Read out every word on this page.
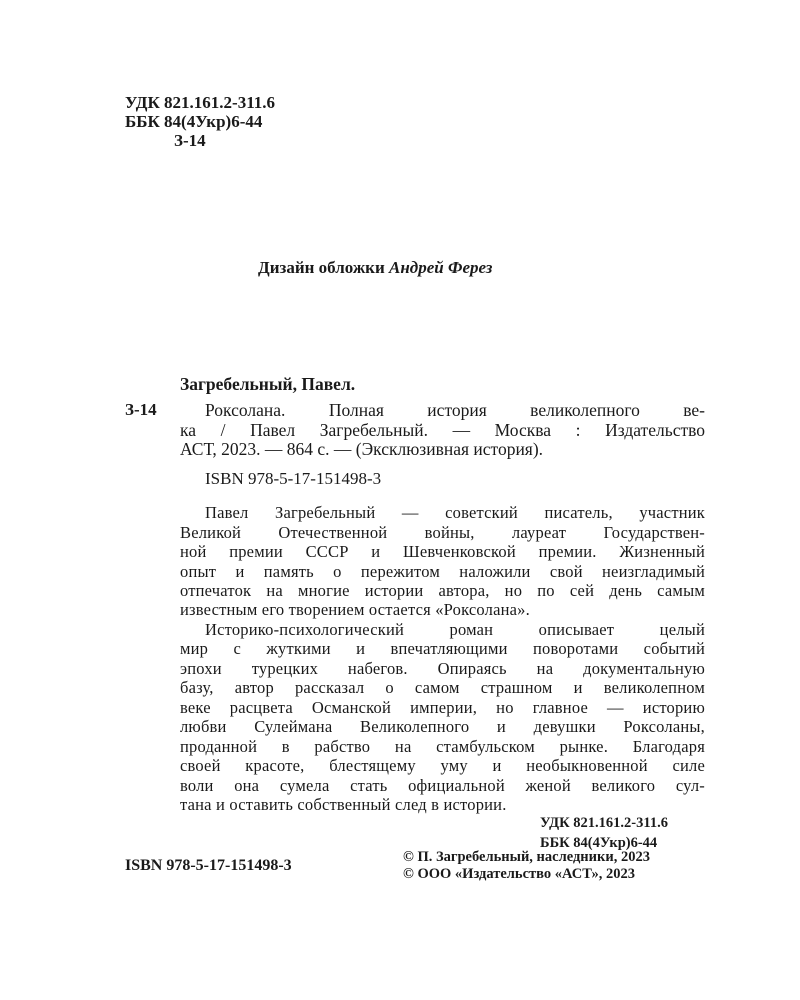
УДК 821.161.2-311.6
ББК 84(4Укр)6-44
З-14
Дизайн обложки Андрей Ферез
Загребельный, Павел.
З-14	Роксолана. Полная история великолепного ве-
ка / Павел Загребельный. — Москва : Издательство
АСТ, 2023. — 864 с. — (Эксклюзивная история).
ISBN 978-5-17-151498-3
Павел Загребельный — советский писатель, участник
Великой Отечественной войны, лауреат Государствен-
ной премии СССР и Шевченковской премии. Жизненный
опыт и память о пережитом наложили свой неизгладимый
отпечаток на многие истории автора, но по сей день самым
известным его творением остается «Роксолана».
Историко-психологический роман описывает целый
мир с жуткими и впечатляющими поворотами событий
эпохи турецких набегов. Опираясь на документальную
базу, автор рассказал о самом страшном и великолепном
веке расцвета Османской империи, но главное — историю
любви Сулеймана Великолепного и девушки Роксоланы,
проданной в рабство на стамбульском рынке. Благодаря
своей красоте, блестящему уму и необыкновенной силе
воли она сумела стать официальной женой великого сул-
тана и оставить собственный след в истории.
УДК 821.161.2-311.6
ББК 84(4Укр)6-44
ISBN 978-5-17-151498-3	© П. Загребельный, наследники, 2023
© ООО «Издательство «АСТ», 2023
